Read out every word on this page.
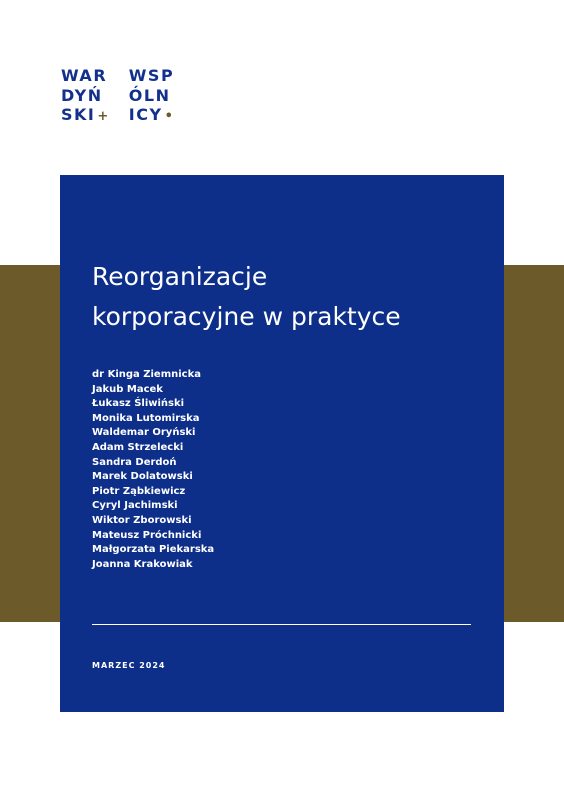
WAR
DYŃ
SKI +
WSP
ÓLN
ICY •
Reorganizacje
korporacyjne w praktyce
dr Kinga Ziemnicka
Jakub Macek
Łukasz Śliwiński
Monika Lutomirska
Waldemar Oryński
Adam Strzelecki
Sandra Derdoń
Marek Dolatowski
Piotr Ząbkiewicz
Cyryl Jachimski
Wiktor Zborowski
Mateusz Próchnicki
Małgorzata Piekarska
Joanna Krakowiak
MARZEC 2024
